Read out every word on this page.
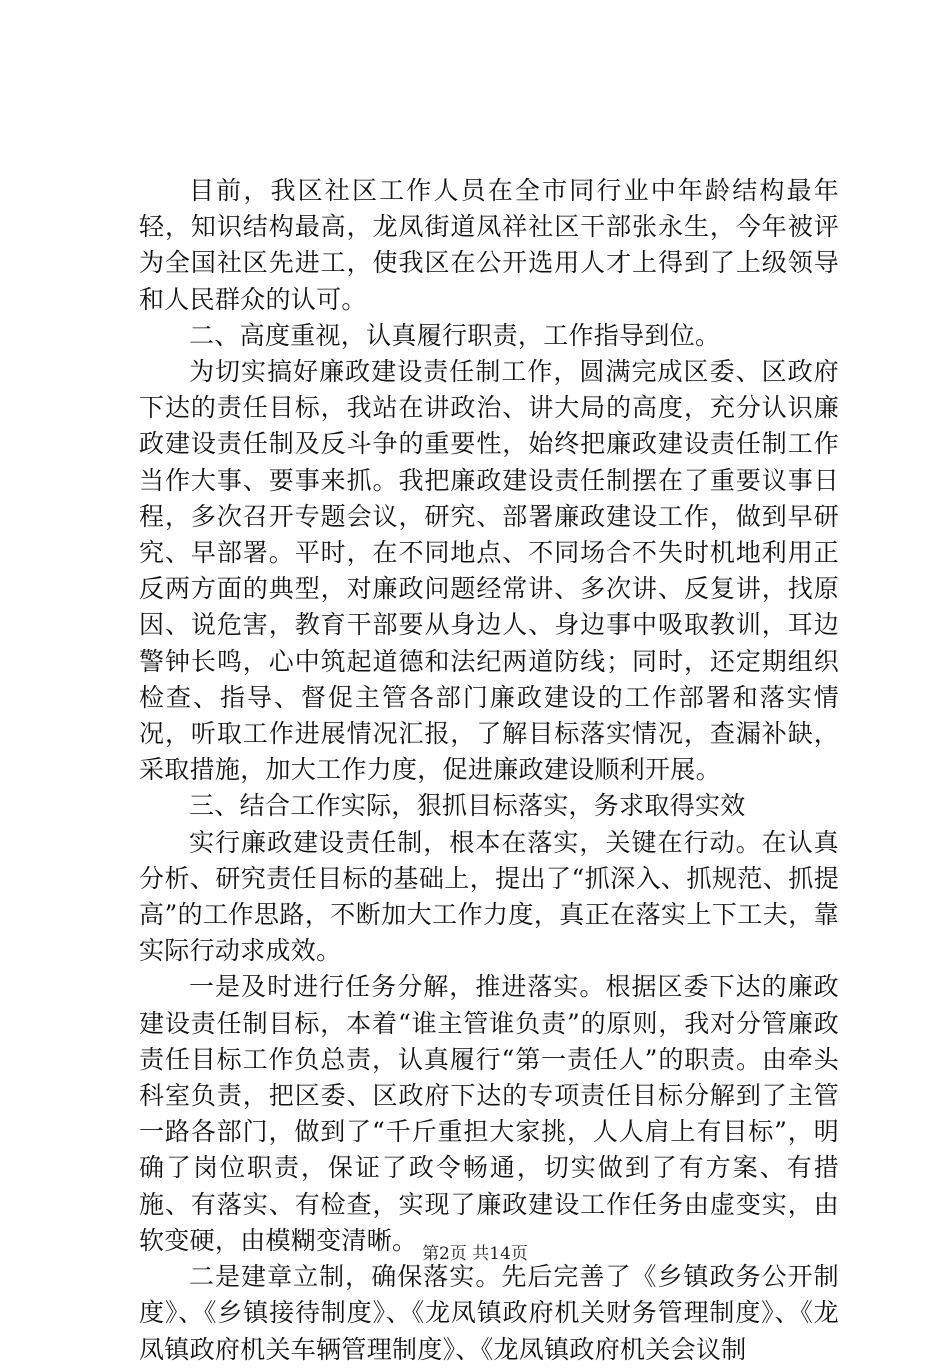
目前，我区社区工作人员在全市同行业中年龄结构最年轻，知识结构最高，龙凤街道凤祥社区干部张永生，今年被评为全国社区先进工，使我区在公开选用人才上得到了上级领导和人民群众的认可。

二、高度重视，认真履行职责，工作指导到位。

为切实搞好廉政建设责任制工作，圆满完成区委、区政府下达的责任目标，我站在讲政治、讲大局的高度，充分认识廉政建设责任制及反斗争的重要性，始终把廉政建设责任制工作当作大事、要事来抓。我把廉政建设责任制摆在了重要议事日程，多次召开专题会议，研究、部署廉政建设工作，做到早研究、早部署。平时，在不同地点、不同场合不失时机地利用正反两方面的典型，对廉政问题经常讲、多次讲、反复讲，找原因、说危害，教育干部要从身边人、身边事中吸取教训，耳边警钟长鸣，心中筑起道德和法纪两道防线；同时，还定期组织检查、指导、督促主管各部门廉政建设的工作部署和落实情况，听取工作进展情况汇报，了解目标落实情况，查漏补缺，采取措施，加大工作力度，促进廉政建设顺利开展。

三、结合工作实际，狠抓目标落实，务求取得实效

实行廉政建设责任制，根本在落实，关键在行动。在认真分析、研究责任目标的基础上，提出了“抓深入、抓规范、抓提高”的工作思路，不断加大工作力度，真正在落实上下工夫，靠实际行动求成效。

一是及时进行任务分解，推进落实。根据区委下达的廉政建设责任制目标，本着“谁主管谁负责”的原则，我对分管廉政责任目标工作负总责，认真履行“第一责任人”的职责。由牵头科室负责，把区委、区政府下达的专项责任目标分解到了主管一路各部门，做到了“千斤重担大家挑，人人肩上有目标”，明确了岗位职责，保证了政令畅通，切实做到了有方案、有措施、有落实、有检查，实现了廉政建设工作任务由虚变实，由软变硬，由模糊变清晰。

二是建章立制，确保落实。先后完善了《乡镇政务公开制度》、《乡镇接待制度》、《龙凤镇政府机关财务管理制度》、《龙凤镇政府机关车辆管理制度》、《龙凤镇政府机关会议制

第2页 共14页
